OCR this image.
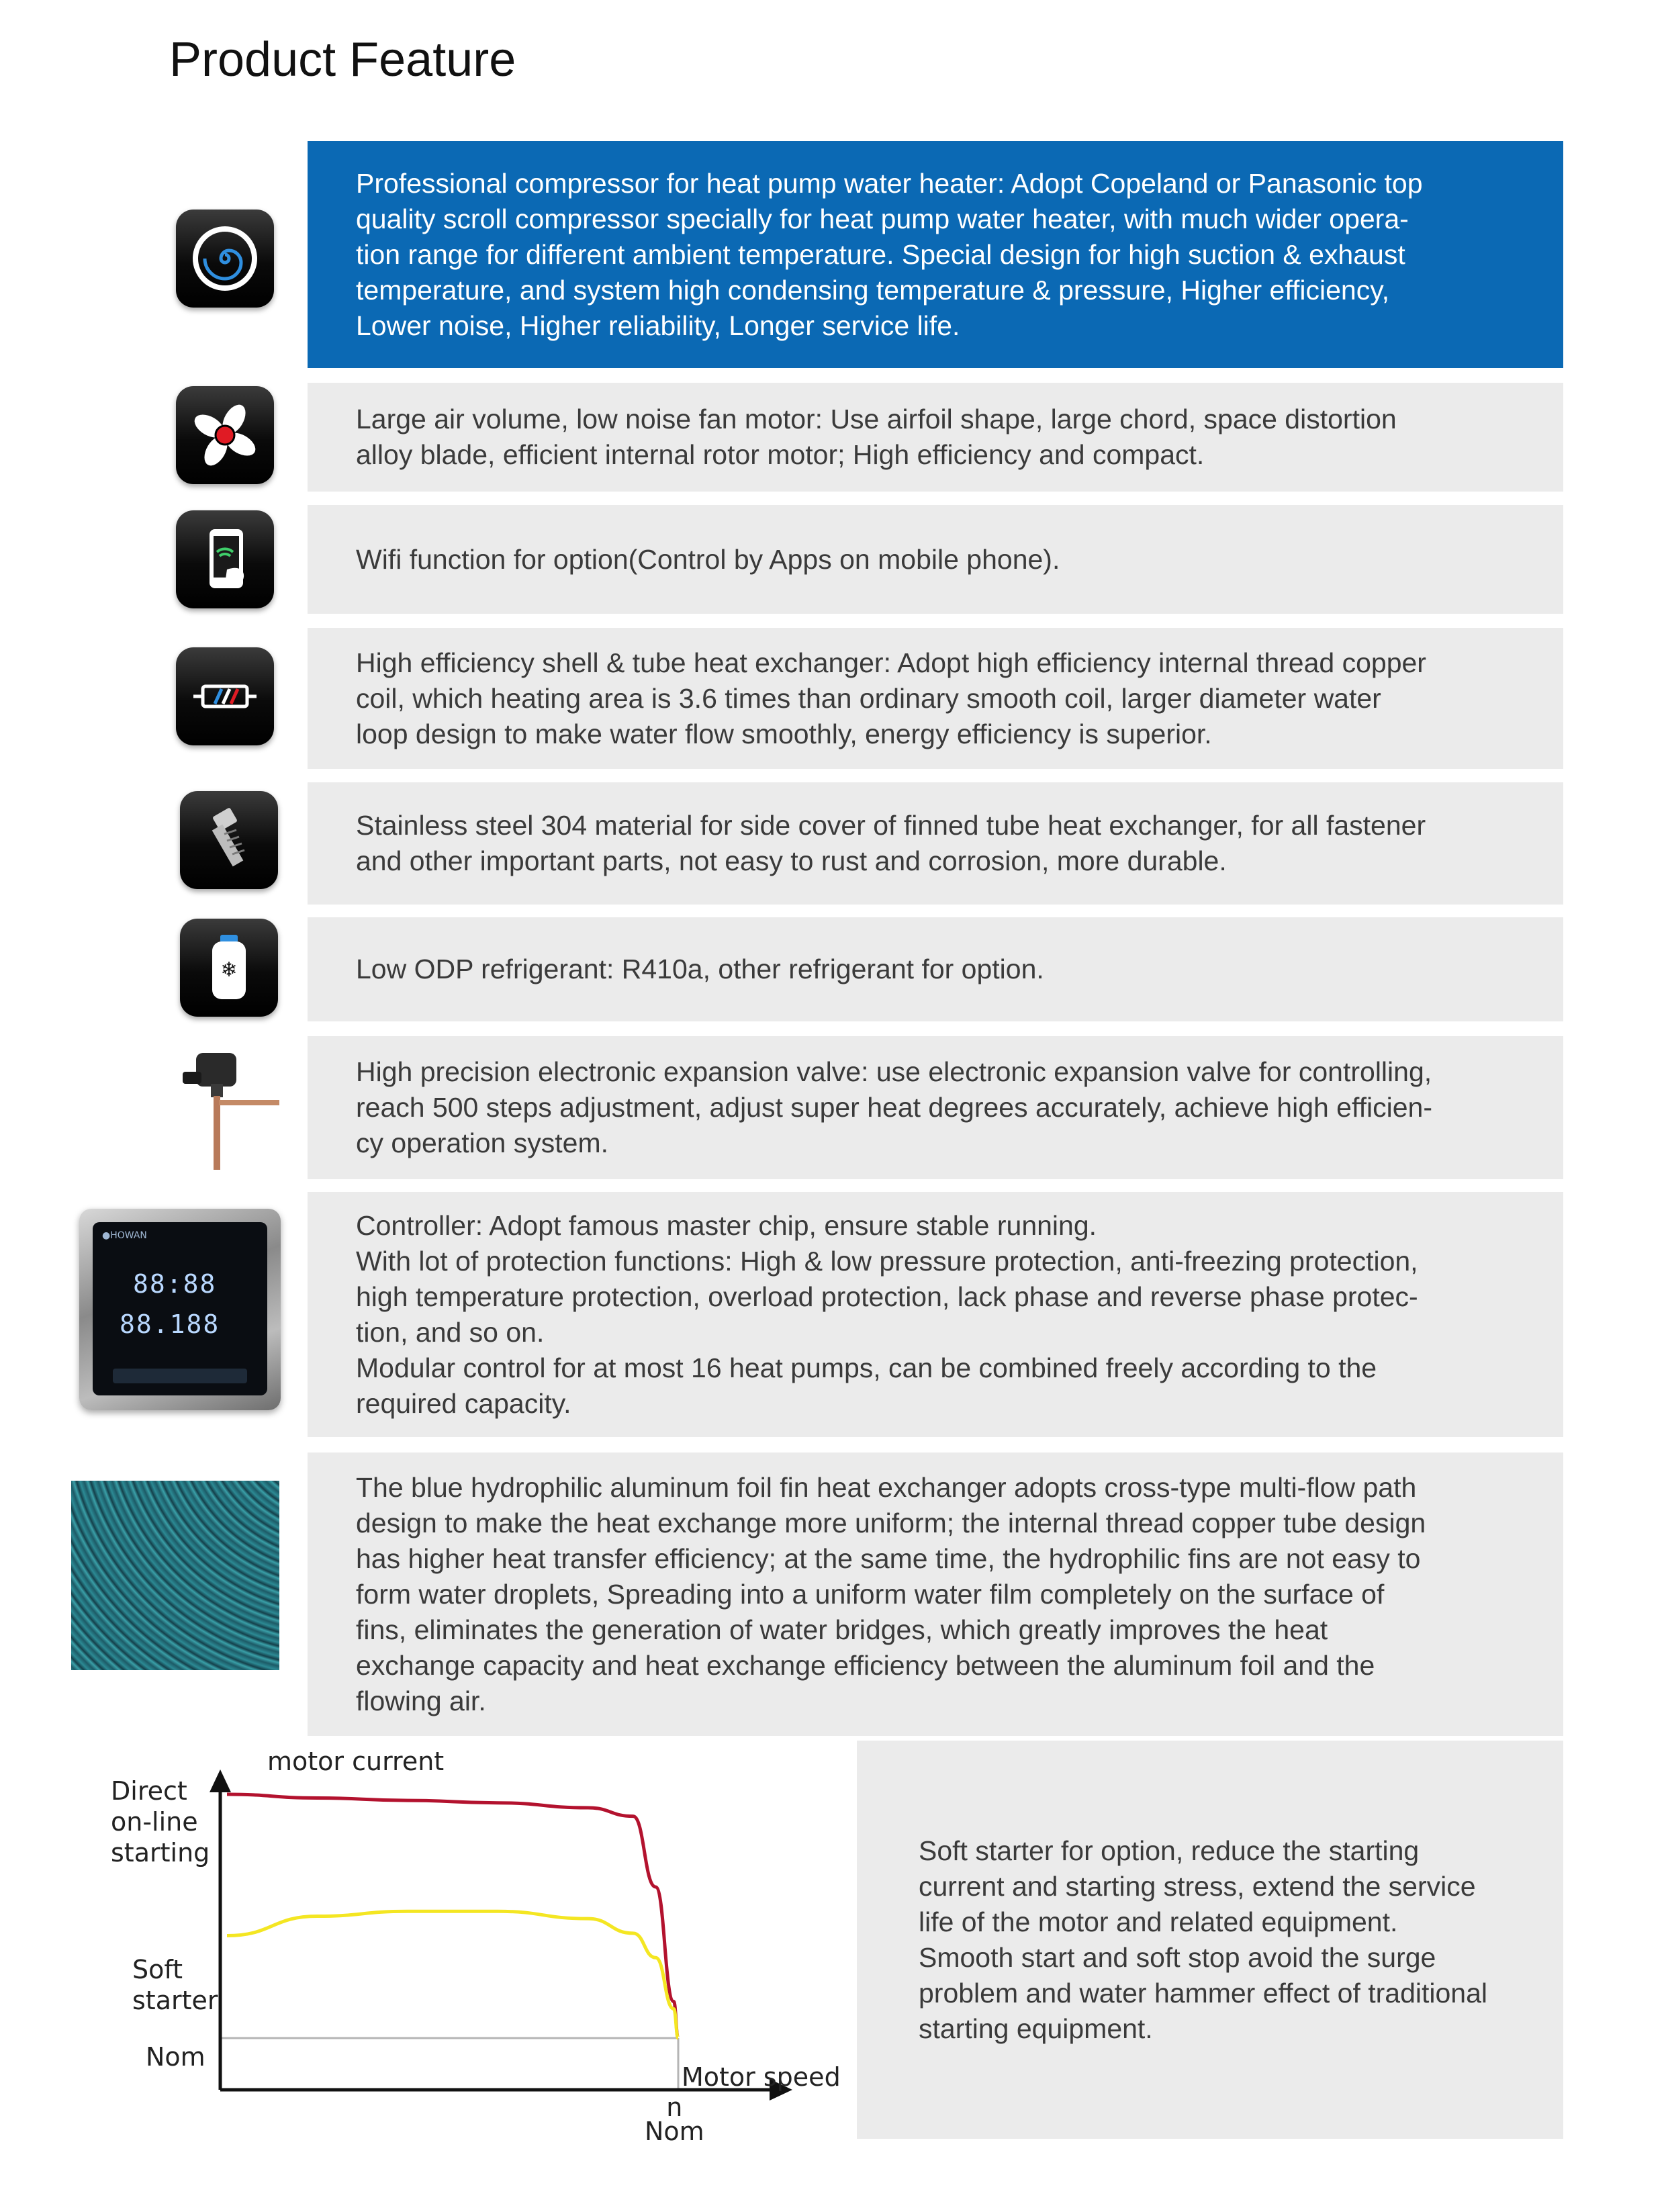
Product Feature

Professional compressor for heat pump water heater: Adopt Copeland or Panasonic top
quality scroll compressor specially for heat pump water heater, with much wider opera-
tion range for different ambient temperature. Special design for high suction & exhaust
temperature, and system high condensing temperature & pressure, Higher efficiency,
Lower noise, Higher reliability, Longer service life.

Large air volume, low noise fan motor: Use airfoil shape, large chord, space distortion
alloy blade, efficient internal rotor motor; High efficiency and compact.

Wifi function for option(Control by Apps on mobile phone).

High efficiency shell & tube heat exchanger: Adopt high efficiency internal thread copper
coil, which heating area is 3.6 times than ordinary smooth coil, larger diameter water
loop design to make water flow smoothly, energy efficiency is superior.

Stainless steel 304 material for side cover of finned tube heat exchanger, for all fastener
and other important parts, not easy to rust and corrosion, more durable.

Low ODP refrigerant: R410a, other refrigerant for option.

High precision electronic expansion valve: use electronic expansion valve for controlling,
reach 500 steps adjustment, adjust super heat degrees accurately, achieve high efficien-
cy operation system.

Controller: Adopt famous master chip, ensure stable running.
With lot of protection functions: High & low pressure protection, anti-freezing protection,
high temperature protection, overload protection, lack phase and reverse phase protec-
tion, and so on.
Modular control for at most 16 heat pumps, can be combined freely according to the
required capacity.

The blue hydrophilic aluminum foil fin heat exchanger adopts cross-type multi-flow path
design to make the heat exchange more uniform; the internal thread copper tube design
has higher heat transfer efficiency; at the same time, the hydrophilic fins are not easy to
form water droplets, Spreading into a uniform water film completely on the surface of
fins, eliminates the generation of water bridges, which greatly improves the heat
exchange capacity and heat exchange efficiency between the aluminum foil and the
flowing air.

❄
●HOWAN
88:88
88.188

motor current

Direct
on-line
starting

Soft
starter

Nom

Motor speed

n
Nom

Soft starter for option, reduce the starting
current and starting stress, extend the service
life of the motor and related equipment.
Smooth start and soft stop avoid the surge
problem and water hammer effect of traditional
starting equipment.
